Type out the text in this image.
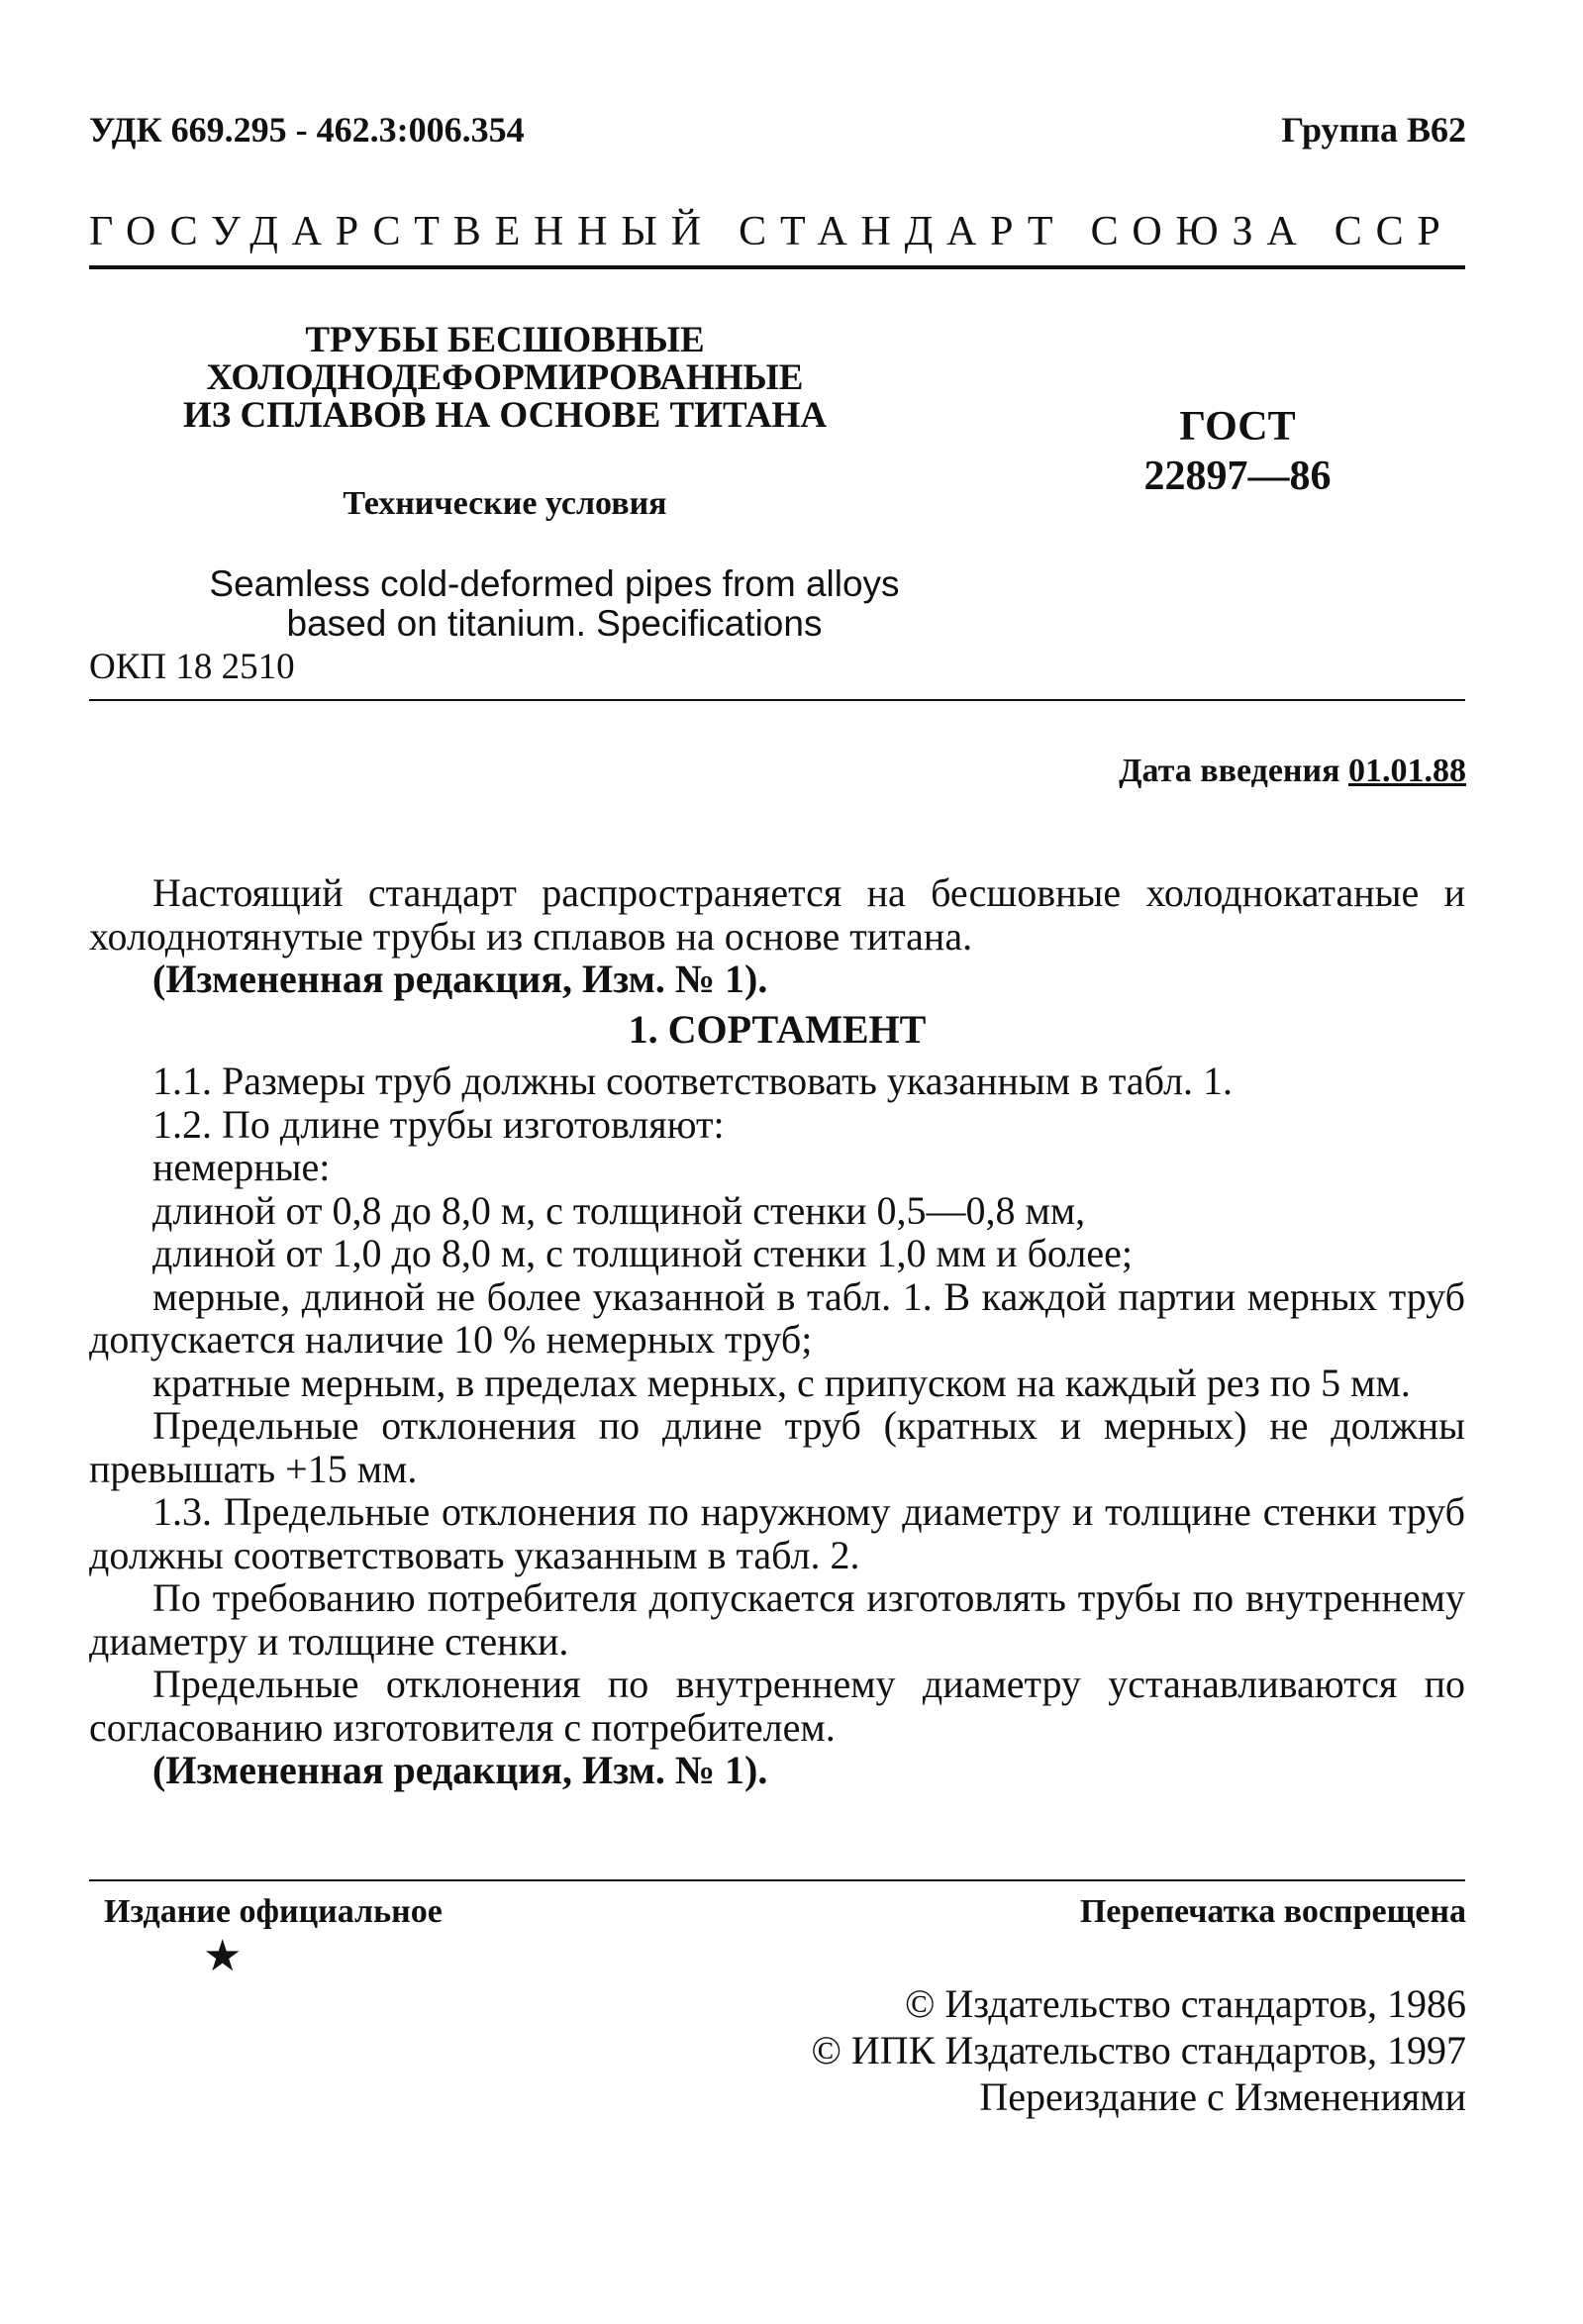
УДК 669.295 - 462.3:006.354	Группа В62
ГОСУДАРСТВЕННЫЙ СТАНДАРТ СОЮЗА ССР
ТРУБЫ БЕСШОВНЫЕ
ХОЛОДНОДЕФОРМИРОВАННЫЕ
ИЗ СПЛАВОВ НА ОСНОВЕ ТИТАНА
Технические условия
ГОСТ
22897—86
Seamless cold-deformed pipes from alloys
based on titanium. Specifications
ОКП 18 2510
Дата введения 01.01.88

Настоящий стандарт распространяется на бесшовные холоднокатаные и холоднотянутые трубы из сплавов на основе титана.

(Измененная редакция, Изм. № 1).

1. СОРТАМЕНТ

1.1. Размеры труб должны соответствовать указанным в табл. 1.

1.2. По длине трубы изготовляют:

немерные:

длиной от 0,8 до 8,0 м, с толщиной стенки 0,5—0,8 мм,

длиной от 1,0 до 8,0 м, с толщиной стенки 1,0 мм и более;

мерные, длиной не более указанной в табл. 1. В каждой партии мерных труб допускается наличие 10 % немерных труб;

кратные мерным, в пределах мерных, с припуском на каждый рез по 5 мм.

Предельные отклонения по длине труб (кратных и мерных) не должны превышать +15 мм.

1.3. Предельные отклонения по наружному диаметру и толщине стенки труб должны соответствовать указанным в табл. 2.

По требованию потребителя допускается изготовлять трубы по внутреннему диаметру и толщине стенки.

Предельные отклонения по внутреннему диаметру устанавливаются по согласованию изготовителя с потребителем.

(Измененная редакция, Изм. № 1).

Издание официальное	Перепечатка воспрещена
★
© Издательство стандартов, 1986
© ИПК Издательство стандартов, 1997
Переиздание с Изменениями
